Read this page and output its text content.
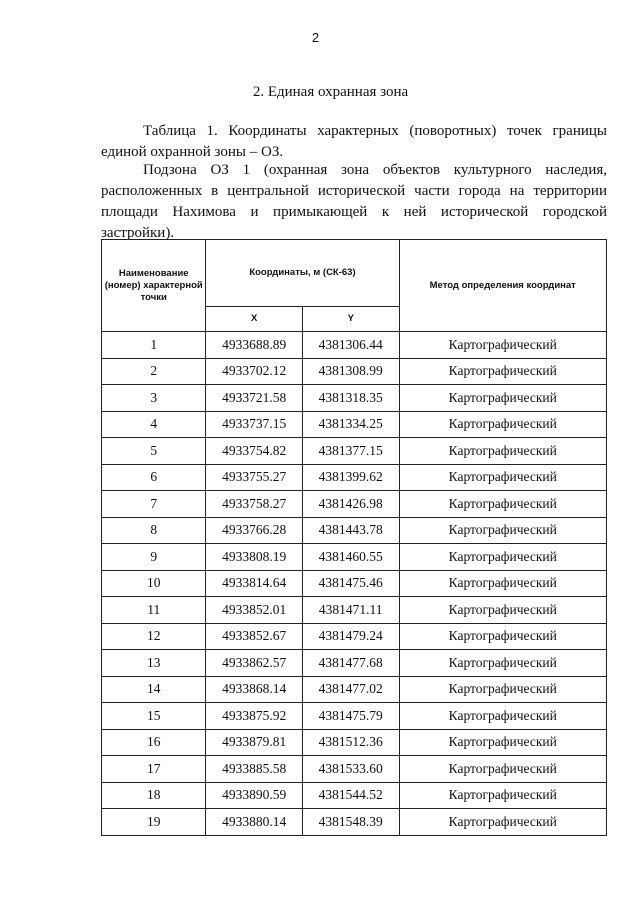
2
2. Единая охранная зона

Таблица 1. Координаты характерных (поворотных) точек границы единой охранной зоны – ОЗ.

Подзона ОЗ 1 (охранная зона объектов культурного наследия, расположенных в центральной исторической части города на территории площади Нахимова и примыкающей к ней исторической городской застройки).

Наименование (номер) характерной точки	Координаты, м (СК-63)		Метод определения координат
	X	Y	
1	4933688.89	4381306.44	Картографический
2	4933702.12	4381308.99	Картографический
3	4933721.58	4381318.35	Картографический
4	4933737.15	4381334.25	Картографический
5	4933754.82	4381377.15	Картографический
6	4933755.27	4381399.62	Картографический
7	4933758.27	4381426.98	Картографический
8	4933766.28	4381443.78	Картографический
9	4933808.19	4381460.55	Картографический
10	4933814.64	4381475.46	Картографический
11	4933852.01	4381471.11	Картографический
12	4933852.67	4381479.24	Картографический
13	4933862.57	4381477.68	Картографический
14	4933868.14	4381477.02	Картографический
15	4933875.92	4381475.79	Картографический
16	4933879.81	4381512.36	Картографический
17	4933885.58	4381533.60	Картографический
18	4933890.59	4381544.52	Картографический
19	4933880.14	4381548.39	Картографический
